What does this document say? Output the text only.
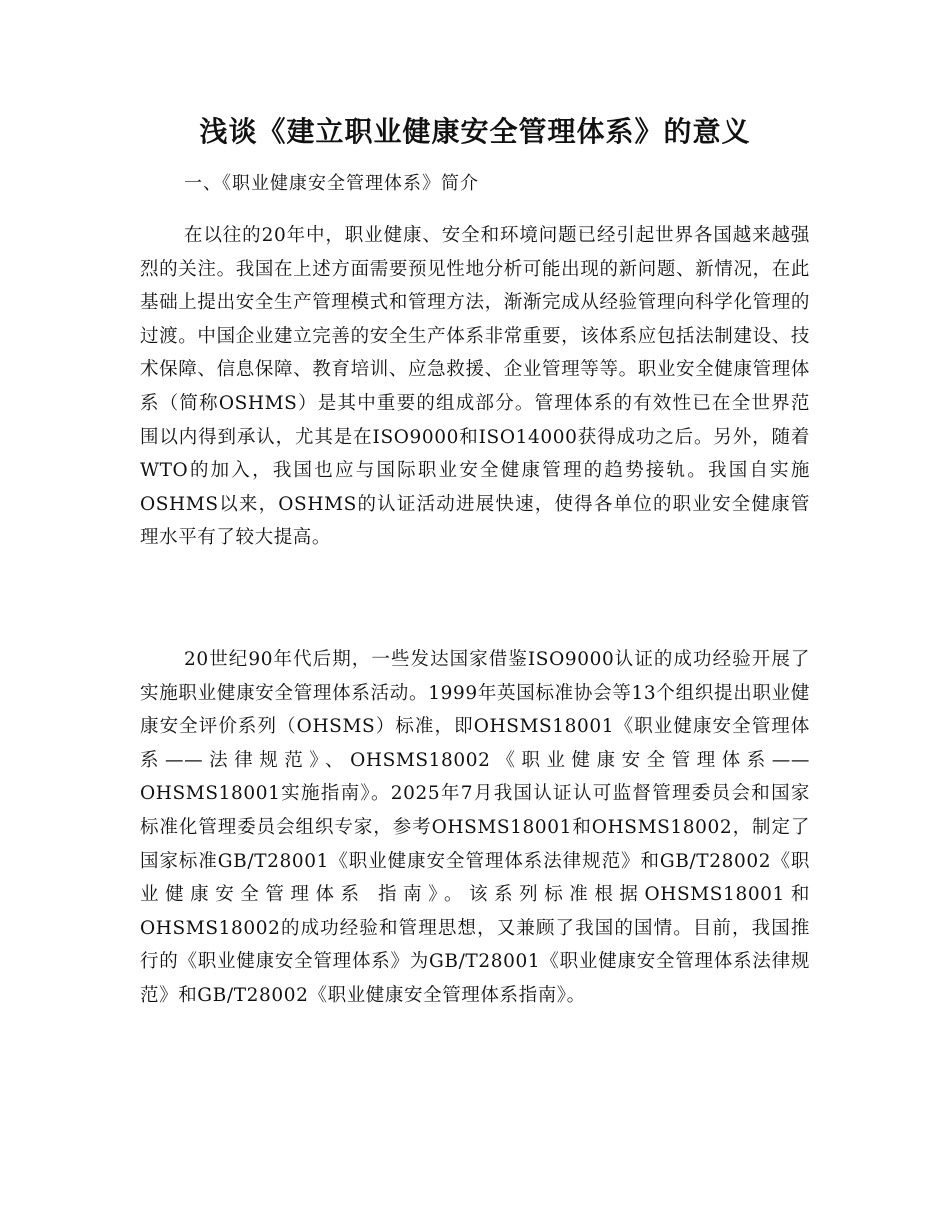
浅谈《建立职业健康安全管理体系》的意义

一、《职业健康安全管理体系》简介

在以往的20年中，职业健康、安全和环境问题已经引起世界各国越来越强烈的关注。我国在上述方面需要预见性地分析可能出现的新问题、新情况，在此基础上提出安全生产管理模式和管理方法，渐渐完成从经验管理向科学化管理的过渡。中国企业建立完善的安全生产体系非常重要，该体系应包括法制建设、技术保障、信息保障、教育培训、应急救援、企业管理等等。职业安全健康管理体系（简称OSHMS）是其中重要的组成部分。管理体系的有效性已在全世界范围以内得到承认，尤其是在ISO9000和ISO14000获得成功之后。另外，随着WTO的加入，我国也应与国际职业安全健康管理的趋势接轨。我国自实施OSHMS以来，OSHMS的认证活动进展快速，使得各单位的职业安全健康管理水平有了较大提高。

20世纪90年代后期，一些发达国家借鉴ISO9000认证的成功经验开展了实施职业健康安全管理体系活动。1999年英国标准协会等13个组织提出职业健康安全评价系列（OHSMS）标准，即OHSMS18001《职业健康安全管理体系——法律规范》、OHSMS18002《职业健康安全管理体系——OHSMS18001实施指南》。2025年7月我国认证认可监督管理委员会和国家标准化管理委员会组织专家，参考OHSMS18001和OHSMS18002，制定了国家标准GB/T28001《职业健康安全管理体系法律规范》和GB/T28002《职业健康安全管理体系 指南》。该系列标准根据OHSMS18001和OHSMS18002的成功经验和管理思想，又兼顾了我国的国情。目前，我国推行的《职业健康安全管理体系》为GB/T28001《职业健康安全管理体系法律规范》和GB/T28002《职业健康安全管理体系指南》。
